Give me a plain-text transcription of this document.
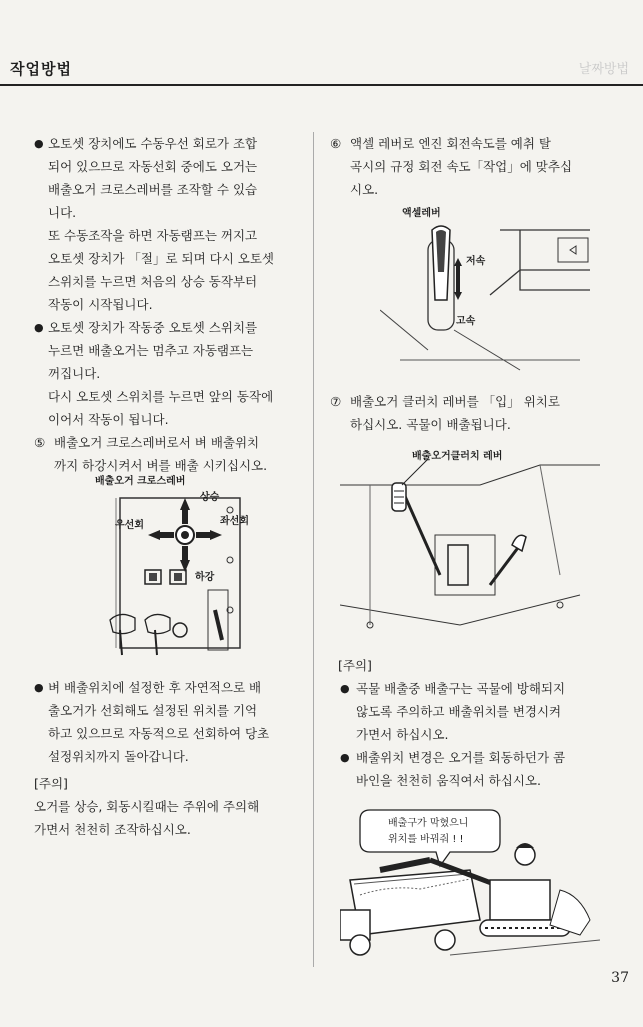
작업방법	날짜방법
● 오토셋 장치에도 수동우선 회로가 조합
되어 있으므로 자동선회 중에도 오거는
배출오거 크로스레버를 조작할 수 있습
니다.
또 수동조작을 하면 자동램프는 꺼지고
오토셋 장치가 「절」로 되며 다시 오토셋
스위치를 누르면 처음의 상승 동작부터
작동이 시작됩니다.
● 오토셋 장치가 작동중 오토셋 스위치를
누르면 배출오거는 멈추고 자동램프는
꺼집니다.
다시 오토셋 스위치를 누르면 앞의 동작에
이어서 작동이 됩니다.
⑤ 배출오거 크로스레버로서 벼 배출위치
까지 하강시켜서 벼를 배출 시키십시오.
배출오거 크로스레버
상승
우선회	좌선회
하강
● 벼 배출위치에 설정한 후 자연적으로 배
출오거가 선회해도 설정된 위치를 기억
하고 있으므로 자동적으로 선회하여 당초
설정위치까지 돌아갑니다.
[주의]
오거를 상승, 회동시킬때는 주위에 주의해
가면서 천천히 조작하십시오.
⑥ 액셀 레버로 엔진 회전속도를 예취 탈
곡시의 규정 회전 속도「작업」에 맞추십
시오.
액셀레버
저속
고속
⑦ 배출오거 클러치 레버를 「입」 위치로
하십시오. 곡물이 배출됩니다.
배출오거클러치 레버
[주의]
● 곡물 배출중 배출구는 곡물에 방해되지
않도록 주의하고 배출위치를 변경시켜
가면서 하십시오.
● 배출위치 변경은 오거를 회동하던가 콤
바인을 천천히 움직여서 하십시오.
배출구가 막혔으니
위치를 바꿔줘 ! !
37
